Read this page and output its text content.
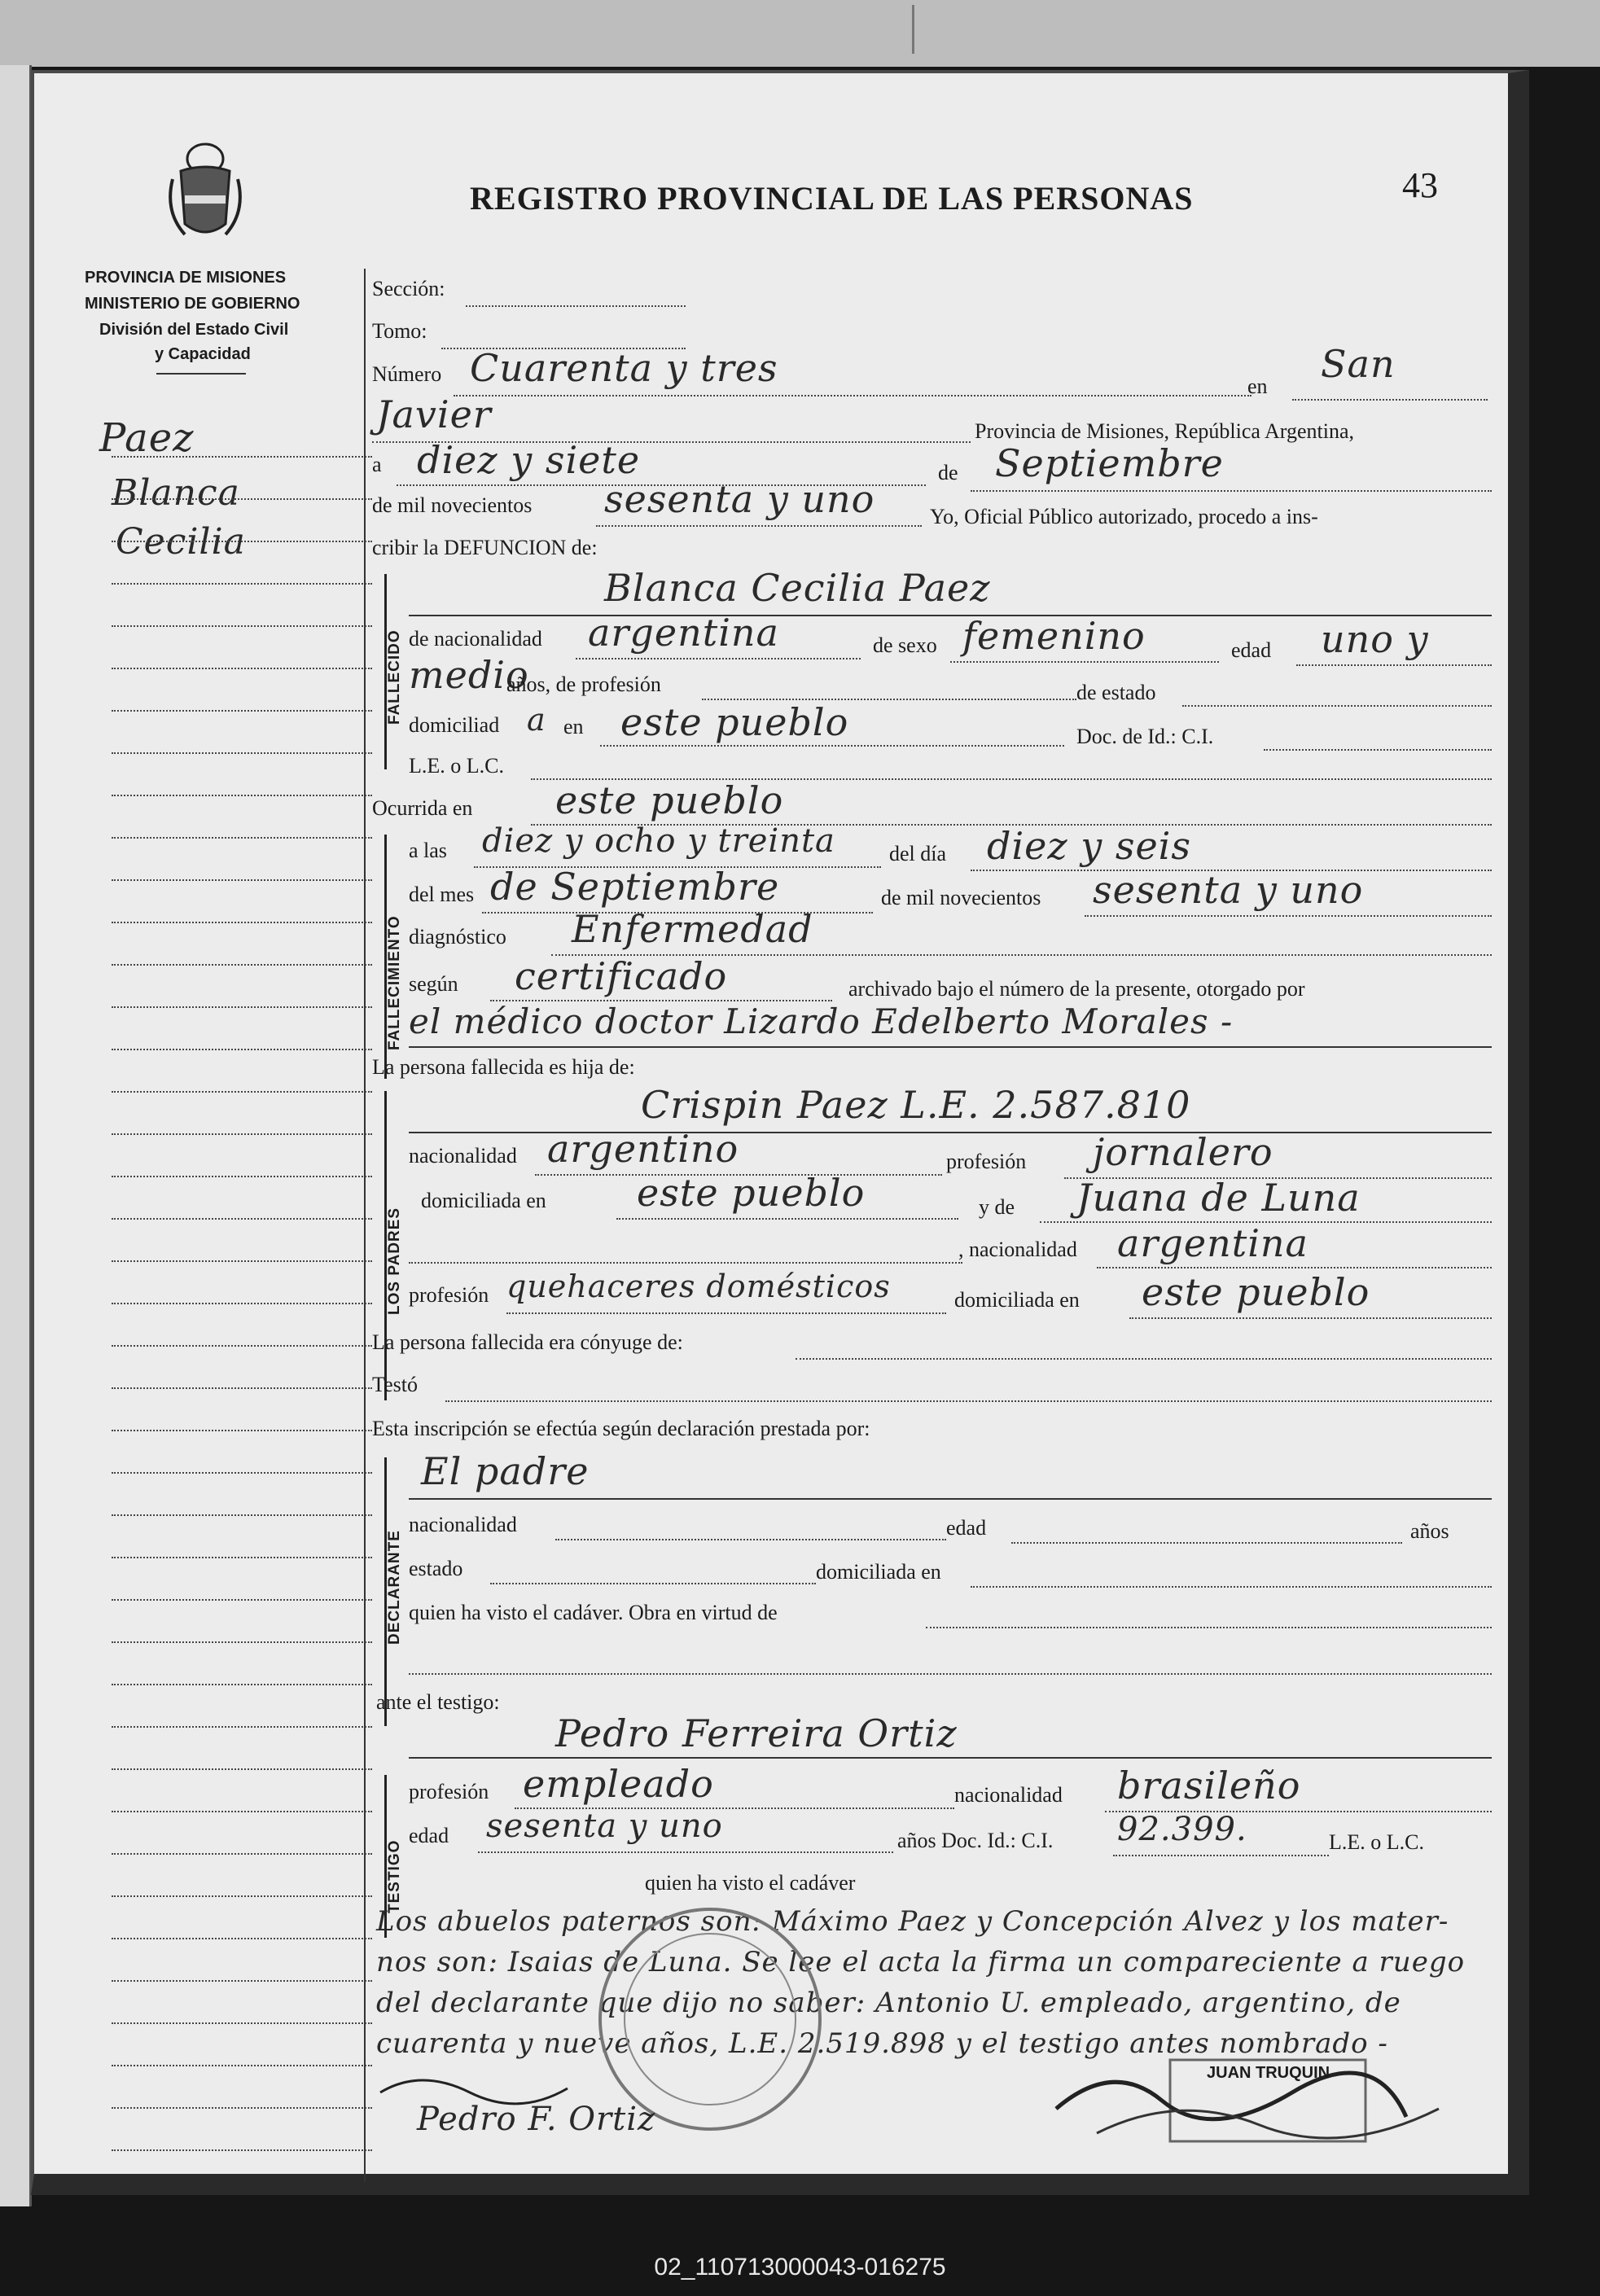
REGISTRO PROVINCIAL DE LAS PERSONAS	43
PROVINCIA DE MISIONES
MINISTERIO DE GOBIERNO
División del Estado Civil
y Capacidad
Paez
Blanca
Cecilia
Sección:
Tomo:
Número Cuarenta y tres	en
San
Javier	Provincia de Misiones, República Argentina,
a diez y siete	de Septiembre
de mil novecientos sesenta y uno	Yo, Oficial Público autorizado, procedo a ins-
cribir la DEFUNCION de:
FALLECIDO
Blanca Cecilia Paez
de nacionalidad argentina	de sexo femenino	edad uno y
medio
años, de profesión	de estado
domiciliad a en este pueblo	Doc. de Id.: C.I.
L.E. o L.C.
Ocurrida en este pueblo
FALLECIMIENTO
a las diez y ocho y treinta	del día diez y seis
del mes de Septiembre	de mil novecientos sesenta y uno
diagnóstico Enfermedad
según certificado	archivado bajo el número de la presente, otorgado por
el médico doctor Lizardo Edelberto Morales -
La persona fallecida es hija de:
LOS PADRES
Crispin Paez L.E. 2.587.810
nacionalidad argentino	profesión jornalero
domiciliada en este pueblo	y de Juana de Luna
, nacionalidad argentina
profesión quehaceres domésticos	domiciliada en este pueblo
La persona fallecida era cónyuge de:
Testó
Esta inscripción se efectúa según declaración prestada por:
DECLARANTE
El padre
nacionalidad	edad	años
estado	domiciliada en
quien ha visto el cadáver. Obra en virtud de
ante el testigo:
Pedro Ferreira Ortiz
TESTIGO
profesión empleado	nacionalidad brasileño
edad sesenta y uno	años Doc. Id.: C.I. 92.399.	L.E. o L.C.
quien ha visto el cadáver
Los abuelos paternos son: Máximo Paez y Concepción Alvez y los mater-
nos son: Isaias de Luna. Se lee el acta la firma un compareciente a ruego
del declarante que dijo no saber: Antonio U. empleado, argentino, de
cuarenta y nueve años, L.E. 2.519.898 y el testigo antes nombrado -
JUAN TRUQUIN
Pedro F. Ortiz
02_110713000043-016275
